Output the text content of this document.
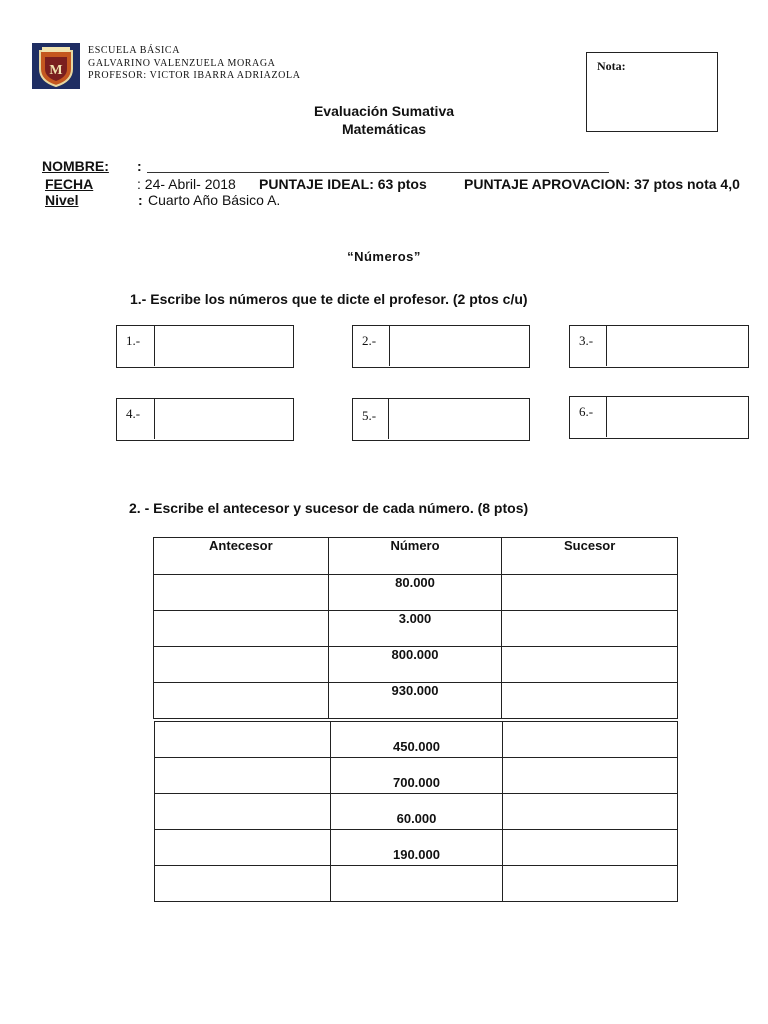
M
ESCUELA BÁSICA
GALVARINO VALENZUELA MORAGA
PROFESOR: VICTOR IBARRA ADRIAZOLA
Nota:
Evaluación Sumativa
Matemáticas
NOMBRE: :
FECHA	: 24- Abril- 2018 PUNTAJE IDEAL: 63 ptos	PUNTAJE APROVACION: 37 ptos nota 4,0
Nivel	: Cuarto Año Básico A.
“Números”
1.- Escribe los números que te dicte el profesor. (2 ptos c/u)
1.-	2.-	3.-
4.-	5.-	6.-
2. - Escribe el antecesor y sucesor de cada número. (8 ptos)
Antecesor	Número	Sucesor
	80.000	
	3.000	
	800.000	
	930.000	
	450.000	
	700.000	
	60.000	
	190.000	
